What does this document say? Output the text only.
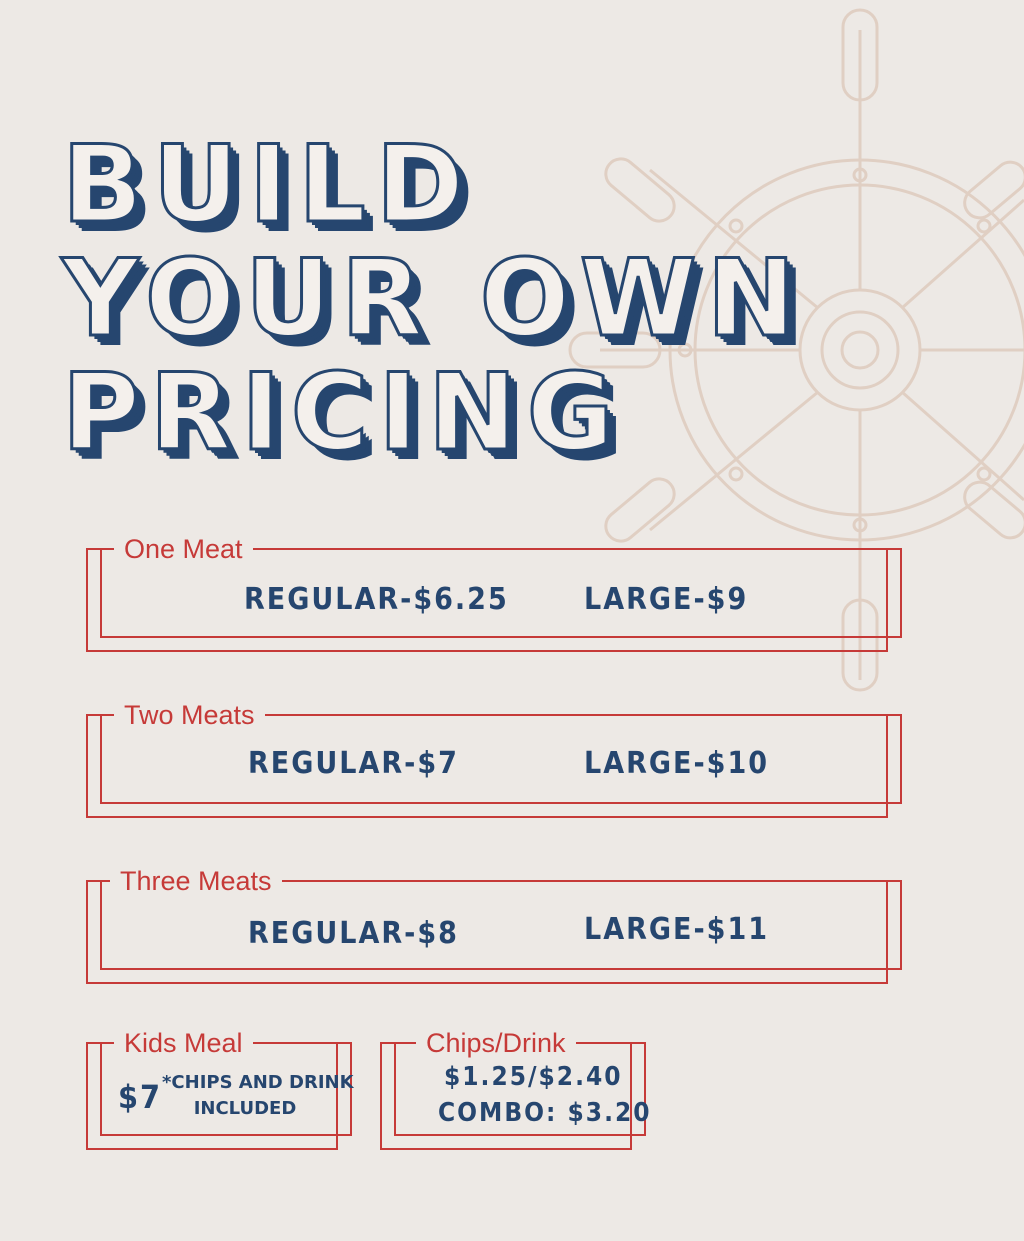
BUILD
YOUR OWN
PRICING
One Meat
REGULAR-$6.25	LARGE-$9
Two Meats
REGULAR-$7	LARGE-$10
Three Meats
REGULAR-$8	LARGE-$11
Kids Meal
$7 *CHIPS AND DRINK
INCLUDED
Chips/Drink
$1.25/$2.40
COMBO: $3.20
